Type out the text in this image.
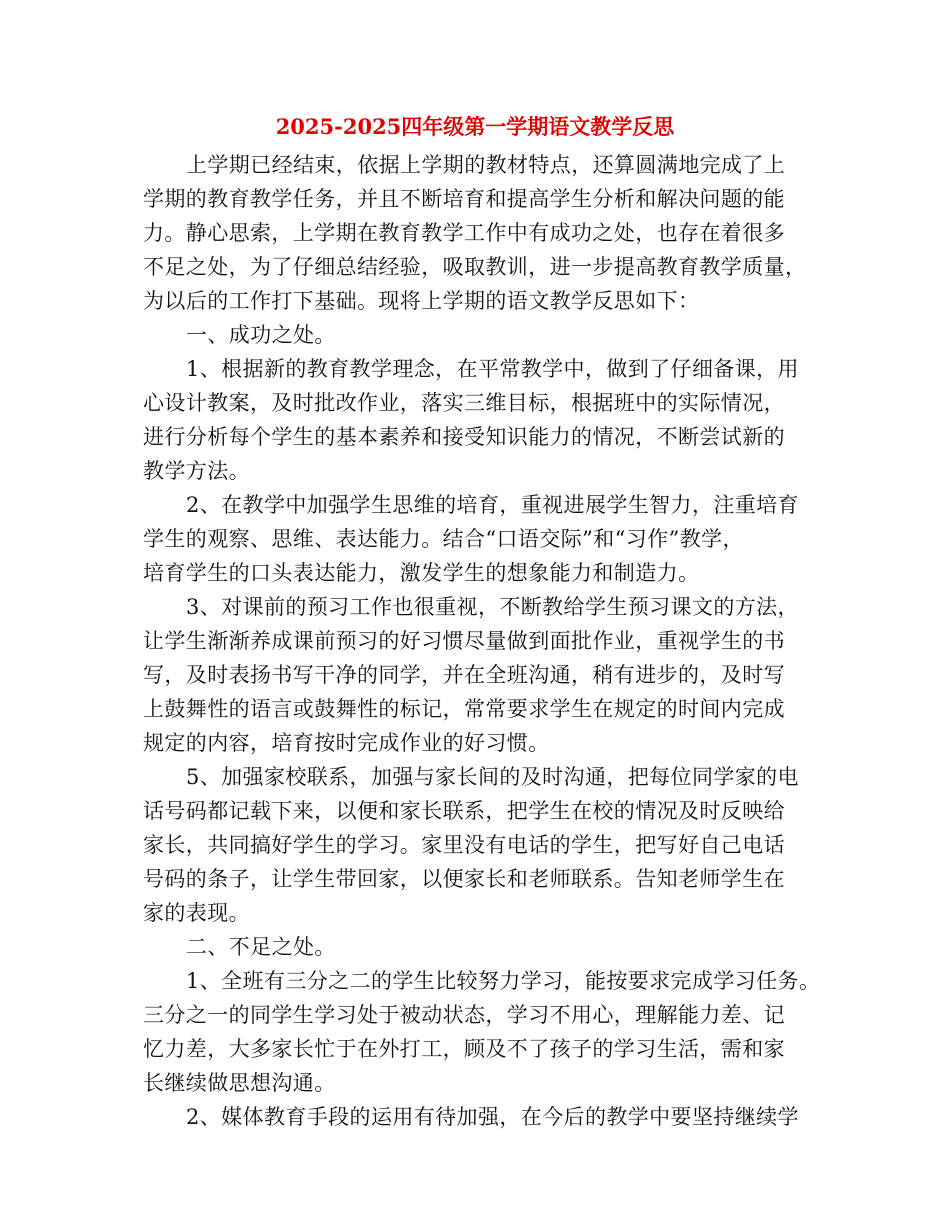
2025-2025四年级第一学期语文教学反思
上学期已经结束，依据上学期的教材特点，还算圆满地完成了上
学期的教育教学任务，并且不断培育和提高学生分析和解决问题的能
力。静心思索，上学期在教育教学工作中有成功之处，也存在着很多
不足之处，为了仔细总结经验，吸取教训，进一步提高教育教学质量，
为以后的工作打下基础。现将上学期的语文教学反思如下：
一、成功之处。
1、根据新的教育教学理念，在平常教学中，做到了仔细备课，用
心设计教案，及时批改作业，落实三维目标，根据班中的实际情况，
进行分析每个学生的基本素养和接受知识能力的情况，不断尝试新的
教学方法。
2、在教学中加强学生思维的培育，重视进展学生智力，注重培育
学生的观察、思维、表达能力。结合“口语交际”和“习作”教学，
培育学生的口头表达能力，激发学生的想象能力和制造力。
3、对课前的预习工作也很重视，不断教给学生预习课文的方法，
让学生渐渐养成课前预习的好习惯尽量做到面批作业，重视学生的书
写，及时表扬书写干净的同学，并在全班沟通，稍有进步的，及时写
上鼓舞性的语言或鼓舞性的标记，常常要求学生在规定的时间内完成
规定的内容，培育按时完成作业的好习惯。
5、加强家校联系，加强与家长间的及时沟通，把每位同学家的电
话号码都记载下来，以便和家长联系，把学生在校的情况及时反映给
家长，共同搞好学生的学习。家里没有电话的学生，把写好自己电话
号码的条子，让学生带回家，以便家长和老师联系。告知老师学生在
家的表现。
二、不足之处。
1、全班有三分之二的学生比较努力学习，能按要求完成学习任务。
三分之一的同学生学习处于被动状态，学习不用心，理解能力差、记
忆力差，大多家长忙于在外打工，顾及不了孩子的学习生活，需和家
长继续做思想沟通。
2、媒体教育手段的运用有待加强，在今后的教学中要坚持继续学
